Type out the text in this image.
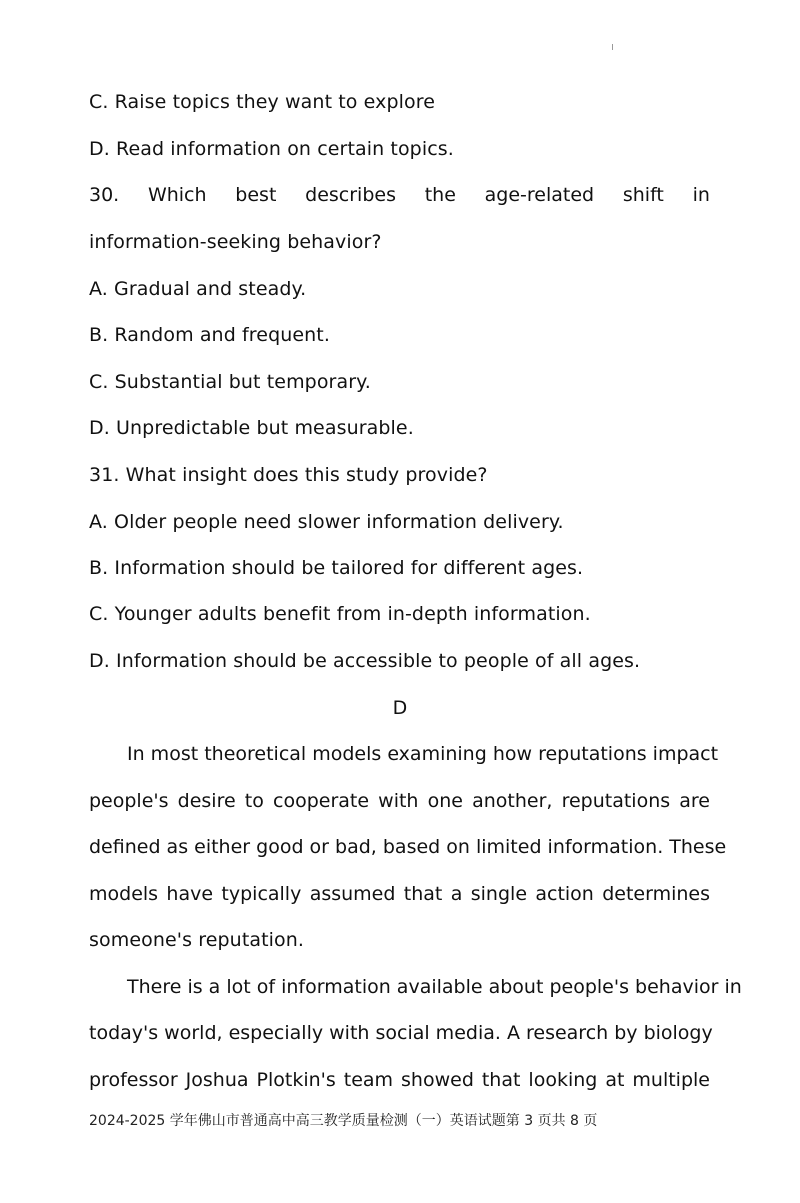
C. Raise topics they want to explore
D. Read information on certain topics.
30. Which best describes the age-related shift in
information-seeking behavior?
A. Gradual and steady.
B. Random and frequent.
C. Substantial but temporary.
D. Unpredictable but measurable.
31. What insight does this study provide?
A. Older people need slower information delivery.
B. Information should be tailored for different ages.
C. Younger adults benefit from in-depth information.
D. Information should be accessible to people of all ages.
D
In most theoretical models examining how reputations impact
people's desire to cooperate with one another, reputations are
defined as either good or bad, based on limited information. These
models have typically assumed that a single action determines
someone's reputation.
There is a lot of information available about people's behavior in
today's world, especially with social media. A research by biology
professor Joshua Plotkin's team showed that looking at multiple
2024-2025 学年佛山市普通高中高三教学质量检测（一）英语试题第 3 页共 8 页
